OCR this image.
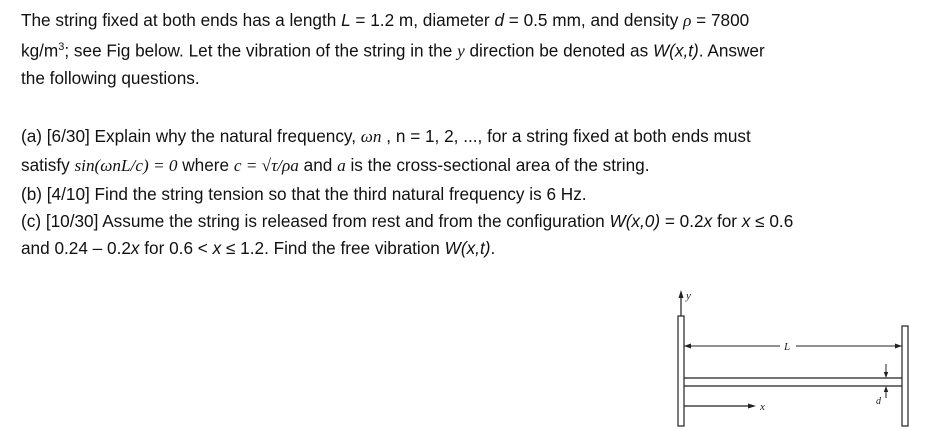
The string fixed at both ends has a length L = 1.2 m, diameter d = 0.5 mm, and density ρ = 7800
$kg/m^3$; see Fig below. Let the vibration of the string in the y direction be denoted as W(x,t). Answer
the following questions.
(a) [6/30] Explain why the natural frequency, ωn , n = 1, 2, ..., for a string fixed at both ends must
satisfy sin(ωnL/c) = 0 where c = √τ/ρa and a is the cross-sectional area of the string.
(b) [4/10] Find the string tension so that the third natural frequency is 6 Hz.
(c) [10/30] Assume the string is released from rest and from the configuration W(x,0) = 0.2x for x ≤ 0.6
and 0.24 – 0.2x for 0.6 < x ≤ 1.2. Find the free vibration W(x,t).
y
L
d
x
